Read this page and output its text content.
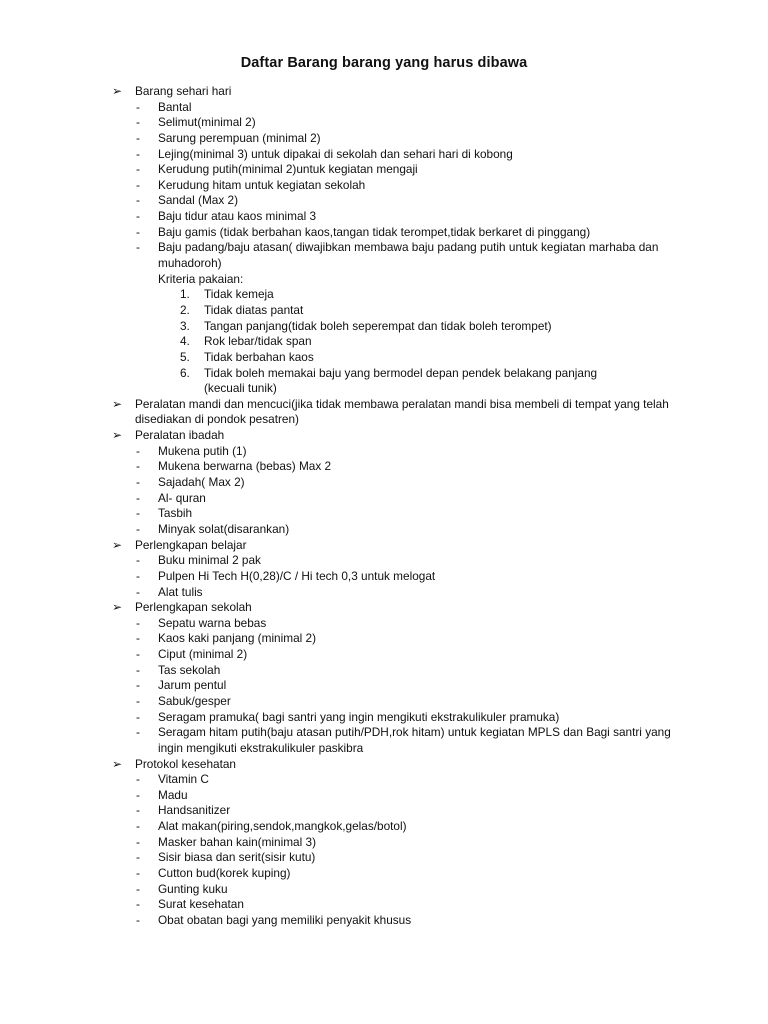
Daftar Barang barang yang harus dibawa
➢ Barang sehari hari
- Bantal
- Selimut(minimal 2)
- Sarung perempuan (minimal 2)
- Lejing(minimal 3) untuk dipakai di sekolah dan sehari hari di kobong
- Kerudung putih(minimal 2)untuk kegiatan mengaji
- Kerudung hitam untuk kegiatan sekolah
- Sandal (Max 2)
- Baju tidur atau kaos minimal 3
- Baju gamis (tidak berbahan kaos,tangan tidak terompet,tidak berkaret di pinggang)
- Baju padang/baju atasan( diwajibkan membawa baju padang putih untuk kegiatan marhaba dan
muhadoroh)
Kriteria pakaian:
1. Tidak kemeja
2. Tidak diatas pantat
3. Tangan panjang(tidak boleh seperempat dan tidak boleh terompet)
4. Rok lebar/tidak span
5. Tidak berbahan kaos
6. Tidak boleh memakai baju yang bermodel depan pendek belakang panjang
(kecuali tunik)
➢ Peralatan mandi dan mencuci(jika tidak membawa peralatan mandi bisa membeli di tempat yang telah
disediakan di pondok pesatren)
➢ Peralatan ibadah
- Mukena putih (1)
- Mukena berwarna (bebas) Max 2
- Sajadah( Max 2)
- Al- quran
- Tasbih
- Minyak solat(disarankan)
➢ Perlengkapan belajar
- Buku minimal 2 pak
- Pulpen Hi Tech H(0,28)/C / Hi tech 0,3 untuk melogat
- Alat tulis
➢ Perlengkapan sekolah
- Sepatu warna bebas
- Kaos kaki panjang (minimal 2)
- Ciput (minimal 2)
- Tas sekolah
- Jarum pentul
- Sabuk/gesper
- Seragam pramuka( bagi santri yang ingin mengikuti ekstrakulikuler pramuka)
- Seragam hitam putih(baju atasan putih/PDH,rok hitam) untuk kegiatan MPLS dan Bagi santri yang
ingin mengikuti ekstrakulikuler paskibra
➢ Protokol kesehatan
- Vitamin C
- Madu
- Handsanitizer
- Alat makan(piring,sendok,mangkok,gelas/botol)
- Masker bahan kain(minimal 3)
- Sisir biasa dan serit(sisir kutu)
- Cutton bud(korek kuping)
- Gunting kuku
- Surat kesehatan
- Obat obatan bagi yang memiliki penyakit khusus
